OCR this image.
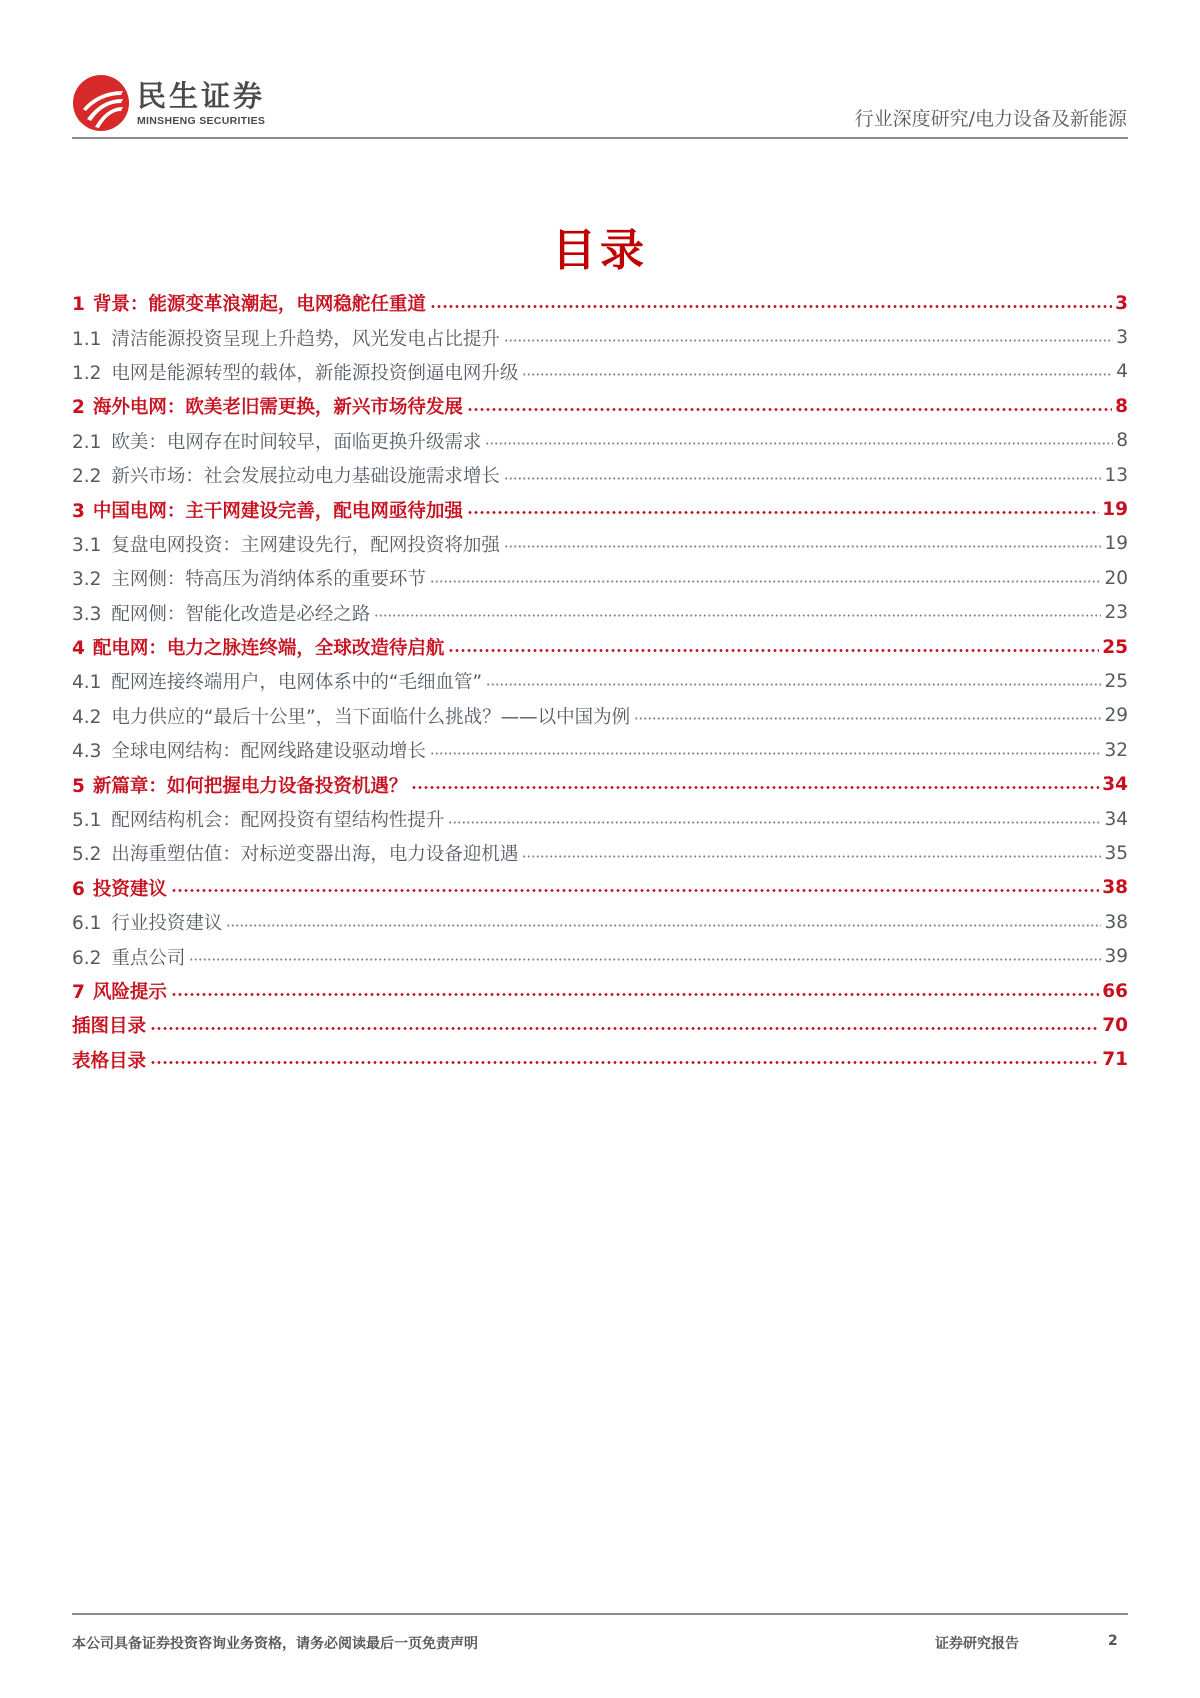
民生证券
MINSHENG SECURITIES	行业深度研究/电力设备及新能源
目录
1 背景：能源变革浪潮起，电网稳舵任重道	3
1.1 清洁能源投资呈现上升趋势，风光发电占比提升	3
1.2 电网是能源转型的载体，新能源投资倒逼电网升级	4
2 海外电网：欧美老旧需更换，新兴市场待发展	8
2.1 欧美：电网存在时间较早，面临更换升级需求	8
2.2 新兴市场：社会发展拉动电力基础设施需求增长	13
3 中国电网：主干网建设完善，配电网亟待加强	19
3.1 复盘电网投资：主网建设先行，配网投资将加强	19
3.2 主网侧：特高压为消纳体系的重要环节	20
3.3 配网侧：智能化改造是必经之路	23
4 配电网：电力之脉连终端，全球改造待启航	25
4.1 配网连接终端用户，电网体系中的“毛细血管”	25
4.2 电力供应的“最后十公里”，当下面临什么挑战？——以中国为例	29
4.3 全球电网结构：配网线路建设驱动增长	32
5 新篇章：如何把握电力设备投资机遇？	34
5.1 配网结构机会：配网投资有望结构性提升	34
5.2 出海重塑估值：对标逆变器出海，电力设备迎机遇	35
6 投资建议	38
6.1 行业投资建议	38
6.2 重点公司	39
7 风险提示	66
插图目录	70
表格目录	71
本公司具备证券投资咨询业务资格，请务必阅读最后一页免责声明	证券研究报告	2
